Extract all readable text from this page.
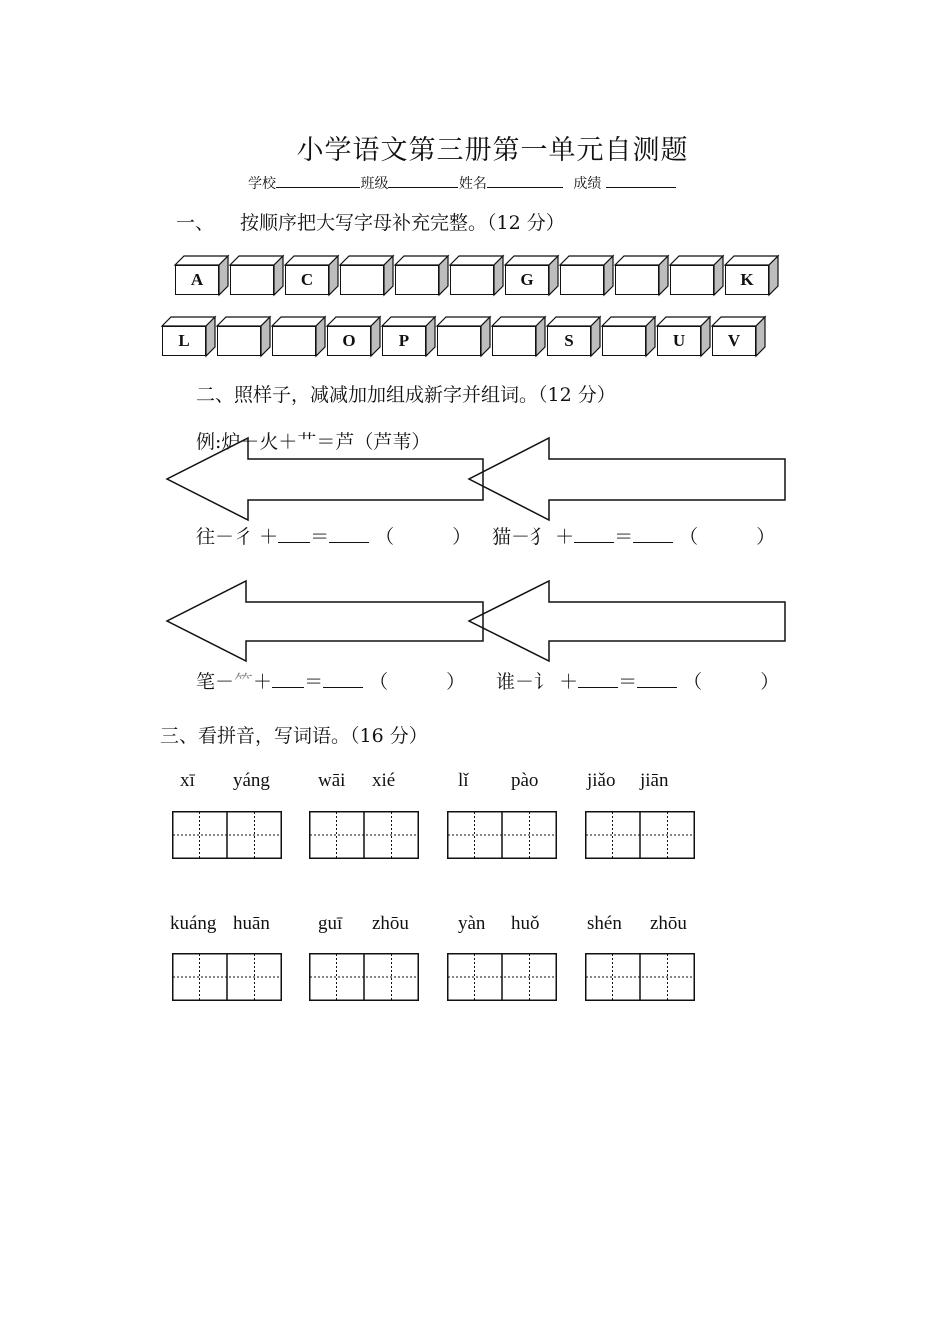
小学语文第三册第一单元自测题
学校	班级	姓名	成绩
一、 按顺序把大写字母补充完整。（12 分）
A	C	G	K
L	O	P	S	U	V
二、照样子，减减加加组成新字并组词。（12 分）
例:炉－火＋艹＝芦（芦苇）
往－彳 ＋ ＝ （	） 猫－犭 ＋ ＝ （	）
笔－⺮＋ ＝ （	） 谁－讠 ＋ ＝ （	）
三、看拼音，写词语。（16 分）
xī yáng	wāi xié	lǐ pào	jiǎo jiān
kuáng huān	guī zhōu	yàn huǒ	shén zhōu
